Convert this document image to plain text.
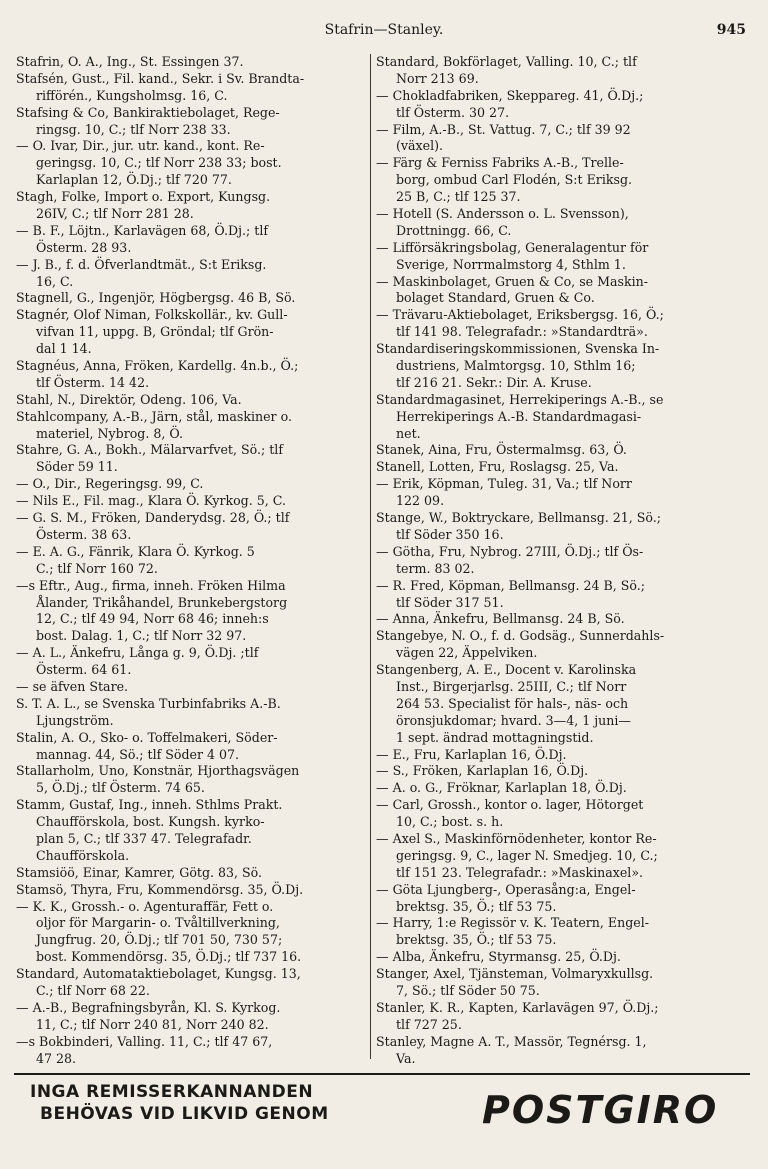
Stafrin—Stanley.	945
Stafrin, O. A., Ing., St. Essingen 37.
Stafsén, Gust., Fil. kand., Sekr. i Sv. Brandta-
rifförén., Kungsholmsg. 16, C.
Stafsing & Co, Bankiraktiebolaget, Rege-
ringsg. 10, C.; tlf Norr 238 33.
— O. Ivar, Dir., jur. utr. kand., kont. Re-
geringsg. 10, C.; tlf Norr 238 33; bost.
Karlaplan 12, Ö.Dj.; tlf 720 77.
Stagh, Folke, Import o. Export, Kungsg.
26IV, C.; tlf Norr 281 28.
— B. F., Löjtn., Karlavägen 68, Ö.Dj.; tlf
Österm. 28 93.
— J. B., f. d. Öfverlandtmät., S:t Eriksg.
16, C.
Stagnell, G., Ingenjör, Högbergsg. 46 B, Sö.
Stagnér, Olof Niman, Folkskollär., kv. Gull-
vifvan 11, uppg. B, Gröndal; tlf Grön-
dal 1 14.
Stagnéus, Anna, Fröken, Kardellg. 4n.b., Ö.;
tlf Österm. 14 42.
Stahl, N., Direktör, Odeng. 106, Va.
Stahlcompany, A.-B., Järn, stål, maskiner o.
materiel, Nybrog. 8, Ö.
Stahre, G. A., Bokh., Mälarvarfvet, Sö.; tlf
Söder 59 11.
— O., Dir., Regeringsg. 99, C.
— Nils E., Fil. mag., Klara Ö. Kyrkog. 5, C.
— G. S. M., Fröken, Danderydsg. 28, Ö.; tlf
Österm. 38 63.
— E. A. G., Fänrik, Klara Ö. Kyrkog. 5
C.; tlf Norr 160 72.
—s Eftr., Aug., firma, inneh. Fröken Hilma
Ålander, Trikåhandel, Brunkebergstorg
12, C.; tlf 49 94, Norr 68 46; inneh:s
bost. Dalag. 1, C.; tlf Norr 32 97.
— A. L., Änkefru, Långa g. 9, Ö.Dj. ;tlf
Österm. 64 61.
— se äfven Stare.
S. T. A. L., se Svenska Turbinfabriks A.-B.
Ljungström.
Stalin, A. O., Sko- o. Toffelmakeri, Söder-
mannag. 44, Sö.; tlf Söder 4 07.
Stallarholm, Uno, Konstnär, Hjorthagsvägen
5, Ö.Dj.; tlf Österm. 74 65.
Stamm, Gustaf, Ing., inneh. Sthlms Prakt.
Chaufförskola, bost. Kungsh. kyrko-
plan 5, C.; tlf 337 47. Telegrafadr.
Chaufförskola.
Stamsiöö, Einar, Kamrer, Götg. 83, Sö.
Stamsö, Thyra, Fru, Kommendörsg. 35, Ö.Dj.
— K. K., Grossh.- o. Agenturaffär, Fett o.
oljor för Margarin- o. Tvåltillverkning,
Jungfrug. 20, Ö.Dj.; tlf 701 50, 730 57;
bost. Kommendörsg. 35, Ö.Dj.; tlf 737 16.
Standard, Automataktiebolaget, Kungsg. 13,
C.; tlf Norr 68 22.
— A.-B., Begrafningsbyrån, Kl. S. Kyrkog.
11, C.; tlf Norr 240 81, Norr 240 82.
—s Bokbinderi, Valling. 11, C.; tlf 47 67,
47 28.
Standard, Bokförlaget, Valling. 10, C.; tlf
Norr 213 69.
— Chokladfabriken, Skeppareg. 41, Ö.Dj.;
tlf Österm. 30 27.
— Film, A.-B., St. Vattug. 7, C.; tlf 39 92
(växel).
— Färg & Ferniss Fabriks A.-B., Trelle-
borg, ombud Carl Flodén, S:t Eriksg.
25 B, C.; tlf 125 37.
— Hotell (S. Andersson o. L. Svensson),
Drottningg. 66, C.
— Lifförsäkringsbolag, Generalagentur för
Sverige, Norrmalmstorg 4, Sthlm 1.
— Maskinbolaget, Gruen & Co, se Maskin-
bolaget Standard, Gruen & Co.
— Trävaru-Aktiebolaget, Eriksbergsg. 16, Ö.;
tlf 141 98. Telegrafadr.: »Standardträ».
Standardiseringskommissionen, Svenska In-
dustriens, Malmtorgsg. 10, Sthlm 16;
tlf 216 21. Sekr.: Dir. A. Kruse.
Standardmagasinet, Herrekiperings A.-B., se
Herrekiperings A.-B. Standardmagasi-
net.
Stanek, Aina, Fru, Östermalmsg. 63, Ö.
Stanell, Lotten, Fru, Roslagsg. 25, Va.
— Erik, Köpman, Tuleg. 31, Va.; tlf Norr
122 09.
Stange, W., Boktryckare, Bellmansg. 21, Sö.;
tlf Söder 350 16.
— Götha, Fru, Nybrog. 27III, Ö.Dj.; tlf Ös-
term. 83 02.
— R. Fred, Köpman, Bellmansg. 24 B, Sö.;
tlf Söder 317 51.
— Anna, Änkefru, Bellmansg. 24 B, Sö.
Stangebye, N. O., f. d. Godsäg., Sunnerdahls-
vägen 22, Äppelviken.
Stangenberg, A. E., Docent v. Karolinska
Inst., Birgerjarlsg. 25III, C.; tlf Norr
264 53. Specialist för hals-, näs- och
öronsjukdomar; hvard. 3—4, 1 juni—
1 sept. ändrad mottagningstid.
— E., Fru, Karlaplan 16, Ö.Dj.
— S., Fröken, Karlaplan 16, Ö.Dj.
— A. o. G., Fröknar, Karlaplan 18, Ö.Dj.
— Carl, Grossh., kontor o. lager, Hötorget
10, C.; bost. s. h.
— Axel S., Maskinförnödenheter, kontor Re-
geringsg. 9, C., lager N. Smedjeg. 10, C.;
tlf 151 23. Telegrafadr.: »Maskinaxel».
— Göta Ljungberg-, Operasång:a, Engel-
brektsg. 35, Ö.; tlf 53 75.
— Harry, 1:e Regissör v. K. Teatern, Engel-
brektsg. 35, Ö.; tlf 53 75.
— Alba, Änkefru, Styrmansg. 25, Ö.Dj.
Stanger, Axel, Tjänsteman, Volmaryxkullsg.
7, Sö.; tlf Söder 50 75.
Stanler, K. R., Kapten, Karlavägen 97, Ö.Dj.;
tlf 727 25.
Stanley, Magne A. T., Massör, Tegnérsg. 1,
Va.
INGA REMISSERKANNANDEN
BEHÖVAS VID LIKVID GENOM	POSTGIRO
